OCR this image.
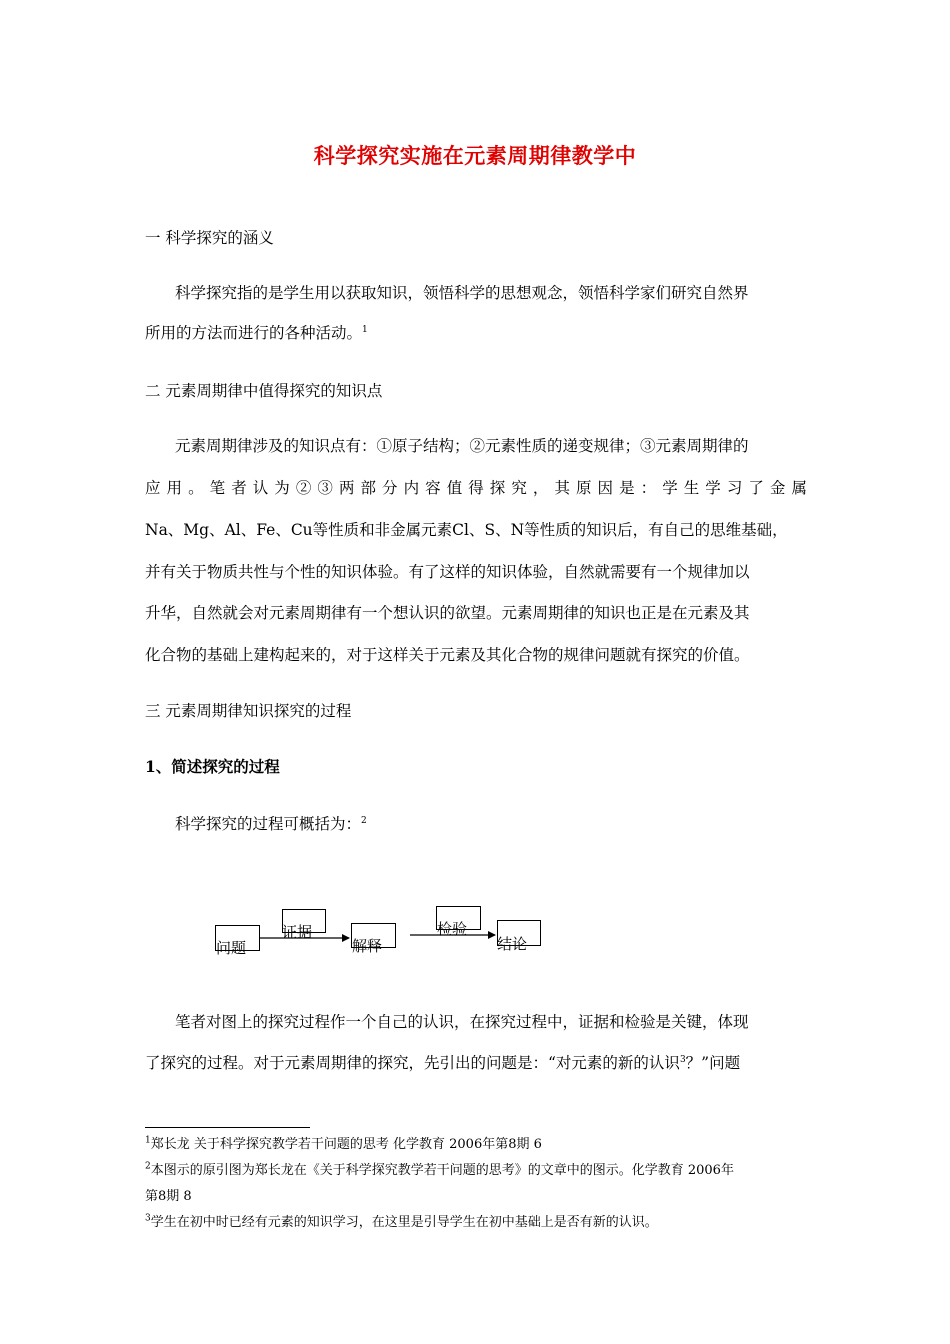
科学探究实施在元素周期律教学中
一 科学探究的涵义
科学探究指的是学生用以获取知识，领悟科学的思想观念，领悟科学家们研究自然界
所用的方法而进行的各种活动。$^1$
二 元素周期律中值得探究的知识点
元素周期律涉及的知识点有：①原子结构；②元素性质的递变规律；③元素周期律的
应用。笔者认为②③两部分内容值得探究，其原因是：学生学习了金属
Na、Mg、Al、Fe、Cu等性质和非金属元素Cl、S、N等性质的知识后，有自己的思维基础，
并有关于物质共性与个性的知识体验。有了这样的知识体验，自然就需要有一个规律加以
升华，自然就会对元素周期律有一个想认识的欲望。元素周期律的知识也正是在元素及其
化合物的基础上建构起来的，对于这样关于元素及其化合物的规律问题就有探究的价值。
三 元素周期律知识探究的过程
1、简述探究的过程
科学探究的过程可概括为：$^2$
问题
证据
解释
检验
结论
笔者对图上的探究过程作一个自己的认识，在探究过程中，证据和检验是关键，体现
了探究的过程。对于元素周期律的探究，先引出的问题是：“对元素的新的认识$^3$？”问题
$^1$郑长龙 关于科学探究教学若干问题的思考 化学教育 2006年第8期 6
$^2$本图示的原引图为郑长龙在《关于科学探究教学若干问题的思考》的文章中的图示。化学教育 2006年
第8期 8
$^3$学生在初中时已经有元素的知识学习，在这里是引导学生在初中基础上是否有新的认识。
